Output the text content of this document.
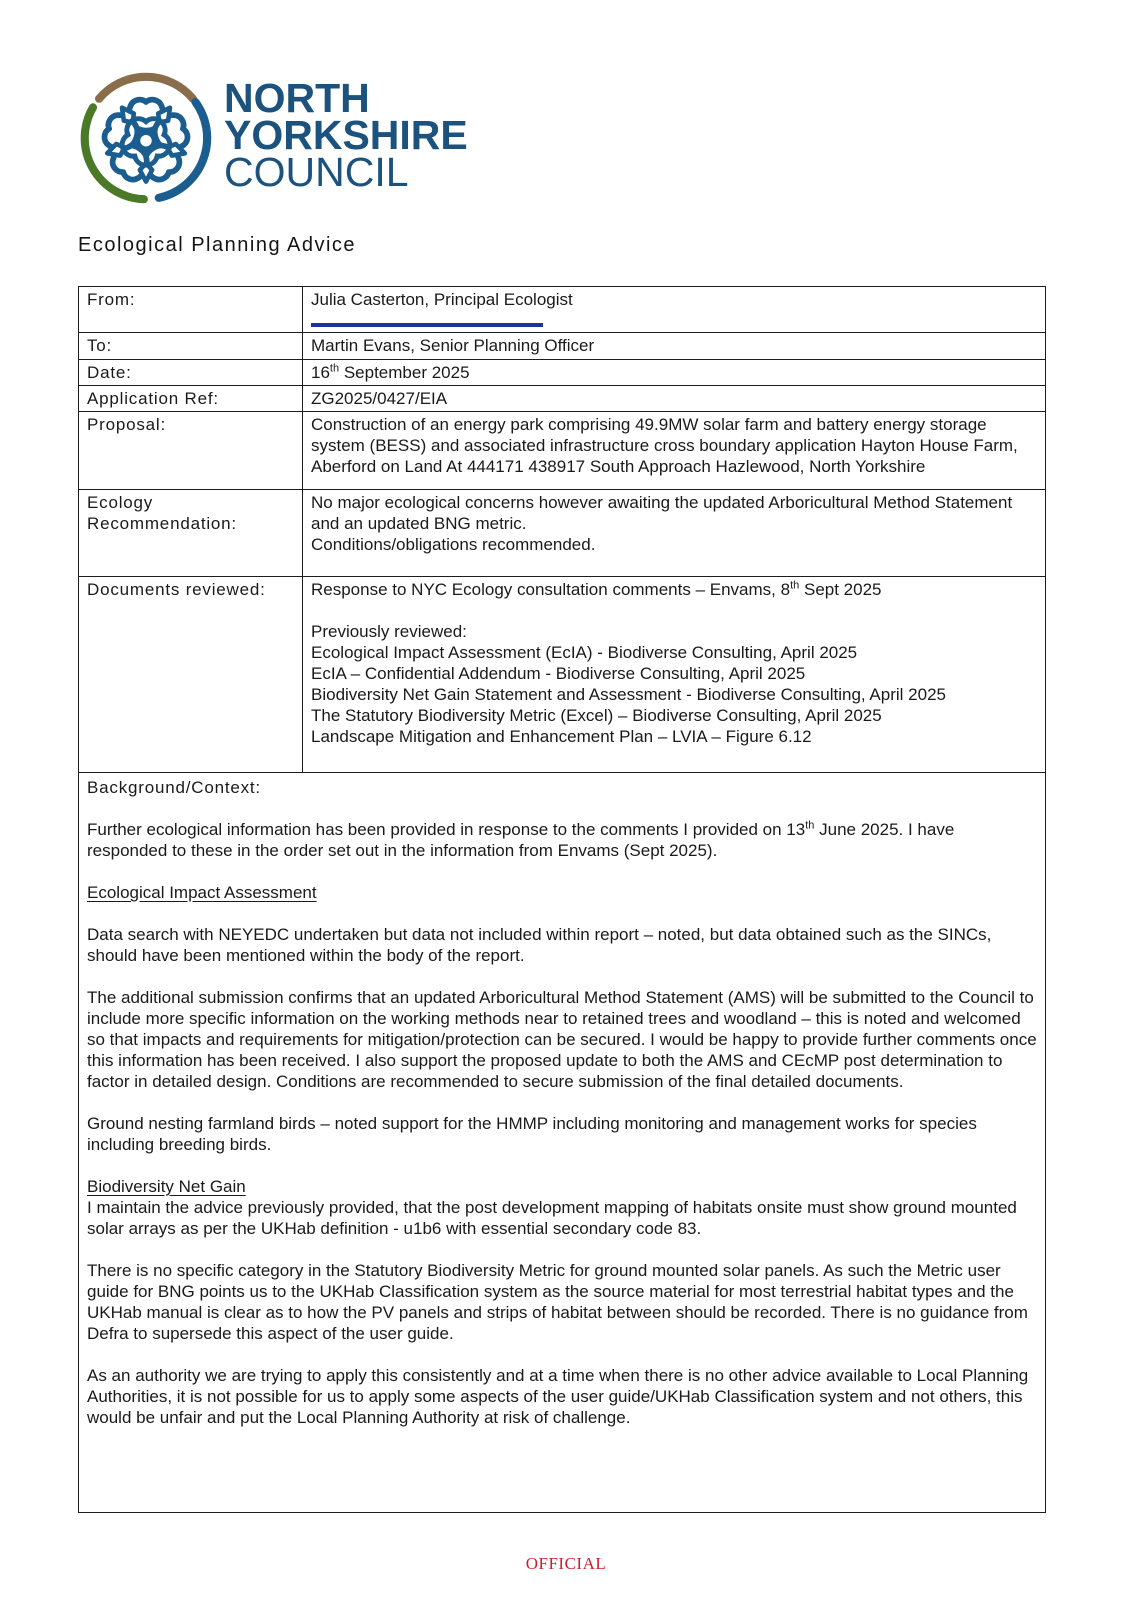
NORTH
YORKSHIRE
COUNCIL
Ecological Planning Advice
From:	Julia Casterton, Principal Ecologist

To:	Martin Evans, Senior Planning Officer
Date:	16th September 2025
Application Ref:	ZG2025/0427/EIA
Proposal:	Construction of an energy park comprising 49.9MW solar farm and battery energy storage system (BESS) and associated infrastructure cross boundary application Hayton House Farm, Aberford on Land At 444171 438917 South Approach Hazlewood, North Yorkshire

Ecology
Recommendation:

No major ecological concerns however awaiting the updated Arboricultural Method Statement and an updated BNG metric.
Conditions/obligations recommended.

Documents reviewed:	Response to NYC Ecology consultation comments – Envams, 8th Sept 2025

Previously reviewed:
Ecological Impact Assessment (EcIA) - Biodiverse Consulting, April 2025
EcIA – Confidential Addendum - Biodiverse Consulting, April 2025
Biodiversity Net Gain Statement and Assessment - Biodiverse Consulting, April 2025
The Statutory Biodiversity Metric (Excel) – Biodiverse Consulting, April 2025
Landscape Mitigation and Enhancement Plan – LVIA – Figure 6.12

Background/Context:

Further ecological information has been provided in response to the comments I provided on 13th June 2025. I have responded to these in the order set out in the information from Envams (Sept 2025).

Ecological Impact Assessment

Data search with NEYEDC undertaken but data not included within report – noted, but data obtained such as the SINCs, should have been mentioned within the body of the report.

The additional submission confirms that an updated Arboricultural Method Statement (AMS) will be submitted to the Council to include more specific information on the working methods near to retained trees and woodland – this is noted and welcomed so that impacts and requirements for mitigation/protection can be secured. I would be happy to provide further comments once this information has been received. I also support the proposed update to both the AMS and CEcMP post determination to factor in detailed design. Conditions are recommended to secure submission of the final detailed documents.

Ground nesting farmland birds – noted support for the HMMP including monitoring and management works for species including breeding birds.

Biodiversity Net Gain

I maintain the advice previously provided, that the post development mapping of habitats onsite must show ground mounted solar arrays as per the UKHab definition - u1b6 with essential secondary code 83.

There is no specific category in the Statutory Biodiversity Metric for ground mounted solar panels. As such the Metric user guide for BNG points us to the UKHab Classification system as the source material for most terrestrial habitat types and the UKHab manual is clear as to how the PV panels and strips of habitat between should be recorded. There is no guidance from Defra to supersede this aspect of the user guide.

As an authority we are trying to apply this consistently and at a time when there is no other advice available to Local Planning Authorities, it is not possible for us to apply some aspects of the user guide/UKHab Classification system and not others, this would be unfair and put the Local Planning Authority at risk of challenge.

OFFICIAL
